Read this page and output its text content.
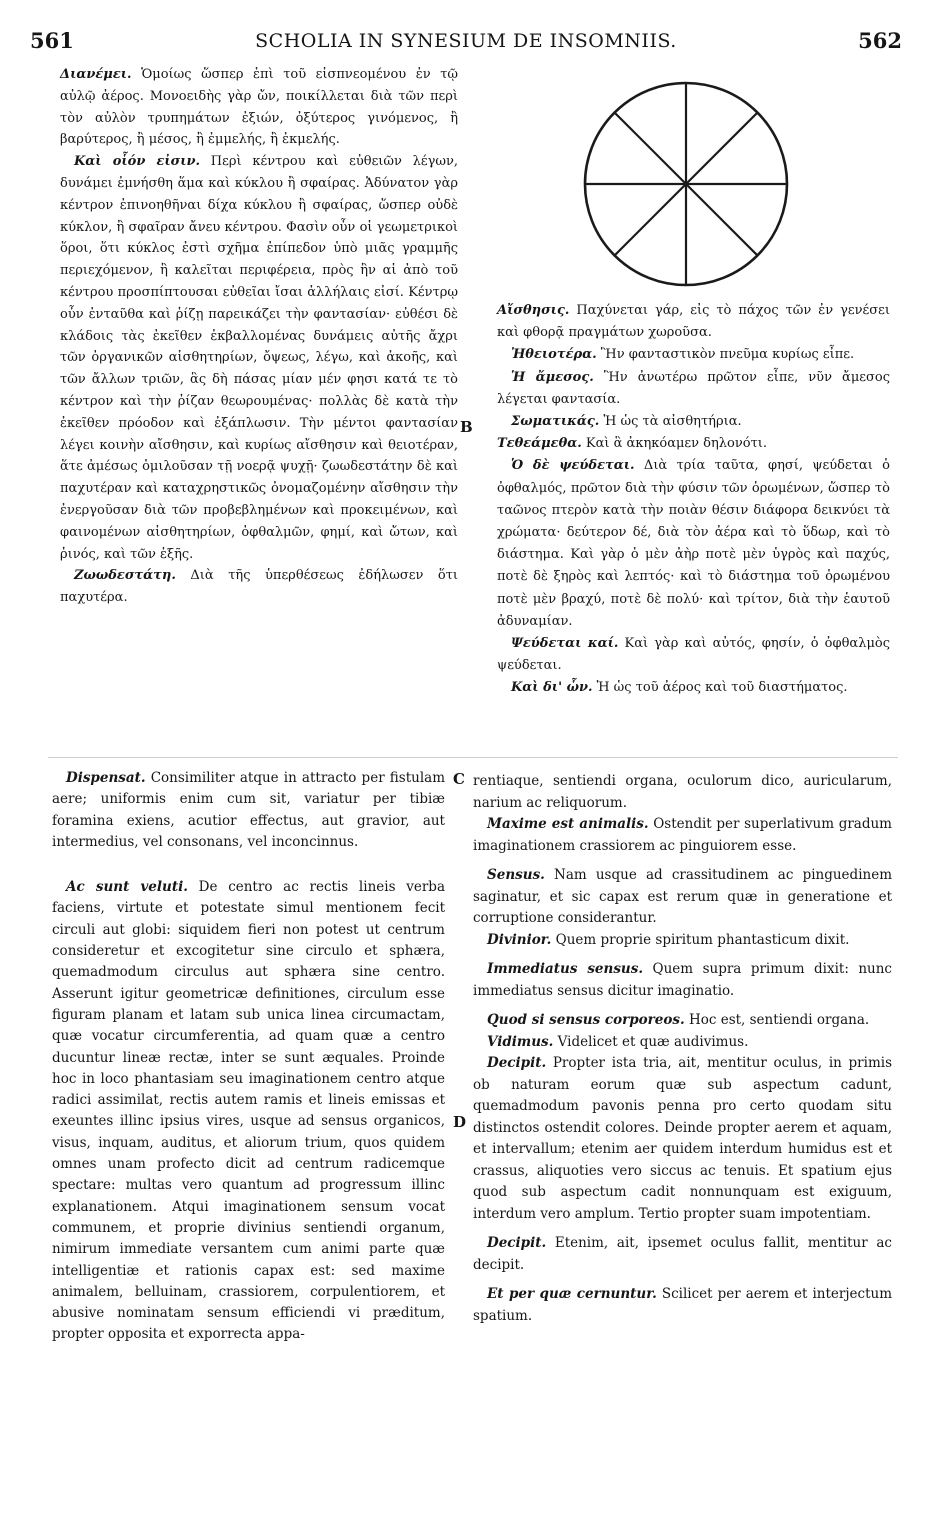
561	SCHOLIA IN SYNESIUM DE INSOMNIIS.	562

Διανέμει. Ὁμοίως ὥσπερ ἐπὶ τοῦ εἰσπνεομένου ἐν τῷ αὐλῷ ἀέρος. Μονοειδὴς γὰρ ὤν, ποικίλλεται διὰ τῶν περὶ τὸν αὐλὸν τρυπημάτων ἐξιών, ὀξύτερος γινόμενος, ἢ βαρύτερος, ἢ μέσος, ἢ ἐμμελής, ἢ ἐκμελής.

Καὶ οἷόν εἰσιν. Περὶ κέντρου καὶ εὐθειῶν λέγων, δυνάμει ἐμνήσθη ἅμα καὶ κύκλου ἢ σφαίρας. Ἀδύνατον γὰρ κέντρον ἐπινοηθῆναι δίχα κύκλου ἢ σφαίρας, ὥσπερ οὐδὲ κύκλον, ἢ σφαῖραν ἄνευ κέντρου. Φασὶν οὖν οἱ γεωμετρικοὶ ὅροι, ὅτι κύκλος ἐστὶ σχῆμα ἐπίπεδον ὑπὸ μιᾶς γραμμῆς περιεχόμενον, ἣ καλεῖται περιφέρεια, πρὸς ἣν αἱ ἀπὸ τοῦ κέντρου προσπίπτουσαι εὐθεῖαι ἴσαι ἀλλήλαις εἰσί. Κέντρῳ οὖν ἐνταῦθα καὶ ῥίζῃ παρεικάζει τὴν φαντασίαν· εὐθέσι δὲ κλάδοις τὰς ἐκεῖθεν ἐκβαλλομένας δυνάμεις αὐτῆς ἄχρι τῶν ὀργανικῶν αἰσθητηρίων, ὄψεως, λέγω, καὶ ἀκοῆς, καὶ τῶν ἄλλων τριῶν, ἃς δὴ πάσας μίαν μέν φησι κατά τε τὸ κέντρον καὶ τὴν ῥίζαν θεωρουμένας· πολλὰς δὲ κατὰ τὴν ἐκεῖθεν πρόοδον καὶ ἐξάπλωσιν. Τὴν μέντοι φαντασίαν λέγει κοινὴν αἴσθησιν, καὶ κυρίως αἴσθησιν καὶ θειοτέραν, ἅτε ἀμέσως ὁμιλοῦσαν τῇ νοερᾷ ψυχῇ· ζωωδεστάτην δὲ καὶ παχυτέραν καὶ καταχρηστικῶς ὀνομαζομένην αἴσθησιν τὴν ἐνεργοῦσαν διὰ τῶν προβεβλημένων καὶ προκειμένων, καὶ φαινομένων αἰσθητηρίων, ὀφθαλμῶν, φημί, καὶ ὤτων, καὶ ῥινός, καὶ τῶν ἑξῆς.

Ζωωδεστάτη. Διὰ τῆς ὑπερθέσεως ἐδήλωσεν ὅτι παχυτέρα.

Αἴσθησις. Παχύνεται γάρ, εἰς τὸ πάχος τῶν ἐν γενέσει καὶ φθορᾷ πραγμάτων χωροῦσα.

Ἠθειοτέρα. Ἣν φανταστικὸν πνεῦμα κυρίως εἶπε.

Ἡ ἄμεσος. Ἣν ἀνωτέρω πρῶτον εἶπε, νῦν ἄμεσος λέγεται φαντασία.

Σωματικάς. Ἡ ὡς τὰ αἰσθητήρια.

Τεθεάμεθα. Καὶ ἃ ἀκηκόαμεν δηλονότι.

Ὁ δὲ ψεύδεται. Διὰ τρία ταῦτα, φησί, ψεύδεται ὁ ὀφθαλμός, πρῶτον διὰ τὴν φύσιν τῶν ὁρωμένων, ὥσπερ τὸ ταῶνος πτερὸν κατὰ τὴν ποιὰν θέσιν διάφορα δεικνύει τὰ χρώματα· δεύτερον δέ, διὰ τὸν ἀέρα καὶ τὸ ὕδωρ, καὶ τὸ διάστημα. Καὶ γὰρ ὁ μὲν ἀὴρ ποτὲ μὲν ὑγρὸς καὶ παχύς, ποτὲ δὲ ξηρὸς καὶ λεπτός· καὶ τὸ διάστημα τοῦ ὁρωμένου ποτὲ μὲν βραχύ, ποτὲ δὲ πολύ· καὶ τρίτον, διὰ τὴν ἑαυτοῦ ἀδυναμίαν.

Ψεύδεται καί. Καὶ γὰρ καὶ αὐτός, φησίν, ὁ ὀφθαλμὸς ψεύδεται.

Καὶ δι' ὧν. Ἡ ὡς τοῦ ἀέρος καὶ τοῦ διαστήματος.

B
C
D

Dispensat. Consimiliter atque in attracto per fistulam aere; uniformis enim cum sit, variatur per tibiæ foramina exiens, acutior effectus, aut gravior, aut intermedius, vel consonans, vel inconcinnus.

Ac sunt veluti. De centro ac rectis lineis verba faciens, virtute et potestate simul mentionem fecit circuli aut globi: siquidem fieri non potest ut centrum consideretur et excogitetur sine circulo et sphæra, quemadmodum circulus aut sphæra sine centro. Asserunt igitur geometricæ definitiones, circulum esse figuram planam et latam sub unica linea circumactam, quæ vocatur circumferentia, ad quam quæ a centro ducuntur lineæ rectæ, inter se sunt æquales. Proinde hoc in loco phantasiam seu imaginationem centro atque radici assimilat, rectis autem ramis et lineis emissas et exeuntes illinc ipsius vires, usque ad sensus organicos, visus, inquam, auditus, et aliorum trium, quos quidem omnes unam profecto dicit ad centrum radicemque spectare: multas vero quantum ad progressum illinc explanationem. Atqui imaginationem sensum vocat communem, et proprie divinius sentiendi organum, nimirum immediate versantem cum animi parte quæ intelligentiæ et rationis capax est: sed maxime animalem, belluinam, crassiorem, corpulentiorem, et abusive nominatam sensum efficiendi vi præditum, propter opposita et exporrecta appa-

rentiaque, sentiendi organa, oculorum dico, auricularum, narium ac reliquorum.

Maxime est animalis. Ostendit per superlativum gradum imaginationem crassiorem ac pinguiorem esse.

Sensus. Nam usque ad crassitudinem ac pinguedinem saginatur, et sic capax est rerum quæ in generatione et corruptione considerantur.

Divinior. Quem proprie spiritum phantasticum dixit.

Immediatus sensus. Quem supra primum dixit: nunc immediatus sensus dicitur imaginatio.

Quod si sensus corporeos. Hoc est, sentiendi organa.

Vidimus. Videlicet et quæ audivimus.

Decipit. Propter ista tria, ait, mentitur oculus, in primis ob naturam eorum quæ sub aspectum cadunt, quemadmodum pavonis penna pro certo quodam situ distinctos ostendit colores. Deinde propter aerem et aquam, et intervallum; etenim aer quidem interdum humidus est et crassus, aliquoties vero siccus ac tenuis. Et spatium ejus quod sub aspectum cadit nonnunquam est exiguum, interdum vero amplum. Tertio propter suam impotentiam.

Decipit. Etenim, ait, ipsemet oculus fallit, mentitur ac decipit.

Et per quæ cernuntur. Scilicet per aerem et interjectum spatium.
